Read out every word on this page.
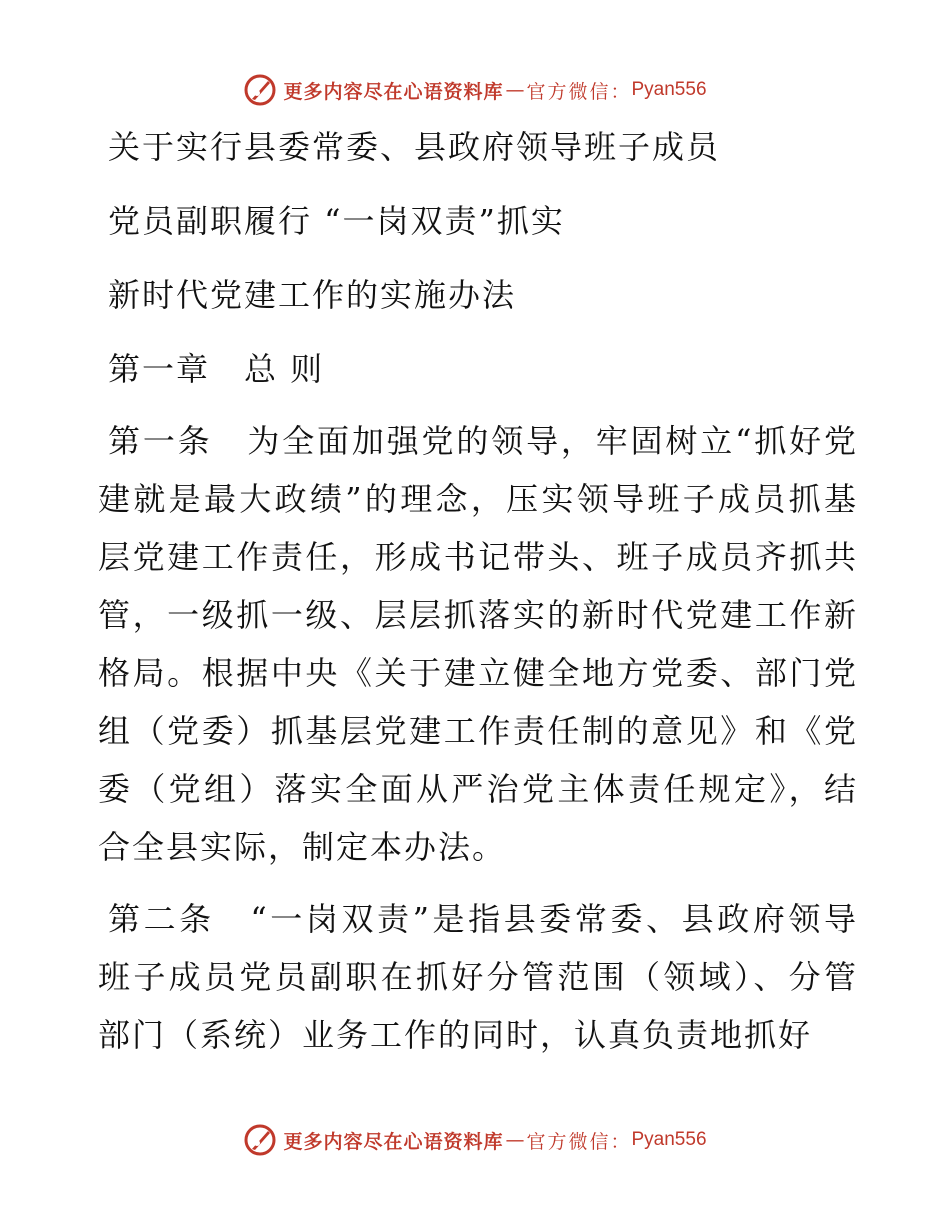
更多内容尽在心语资料库 — 官方微信： Pyan556
关于实行县委常委、县政府领导班子成员
党员副职履行 “一岗双责”抓实
新时代党建工作的实施办法
第一章　总 则

第一条　为全面加强党的领导，牢固树立“抓好党建就是最大政绩”的理念，压实领导班子成员抓基层党建工作责任，形成书记带头、班子成员齐抓共管，一级抓一级、层层抓落实的新时代党建工作新格局。根据中央《关于建立健全地方党委、部门党组（党委）抓基层党建工作责任制的意见》和《党委（党组）落实全面从严治党主体责任规定》，结合全县实际，制定本办法。

第二条　“一岗双责”是指县委常委、县政府领导班子成员党员副职在抓好分管范围（领域）、分管部门（系统）业务工作的同时，认真负责地抓好

更多内容尽在心语资料库 — 官方微信： Pyan556
